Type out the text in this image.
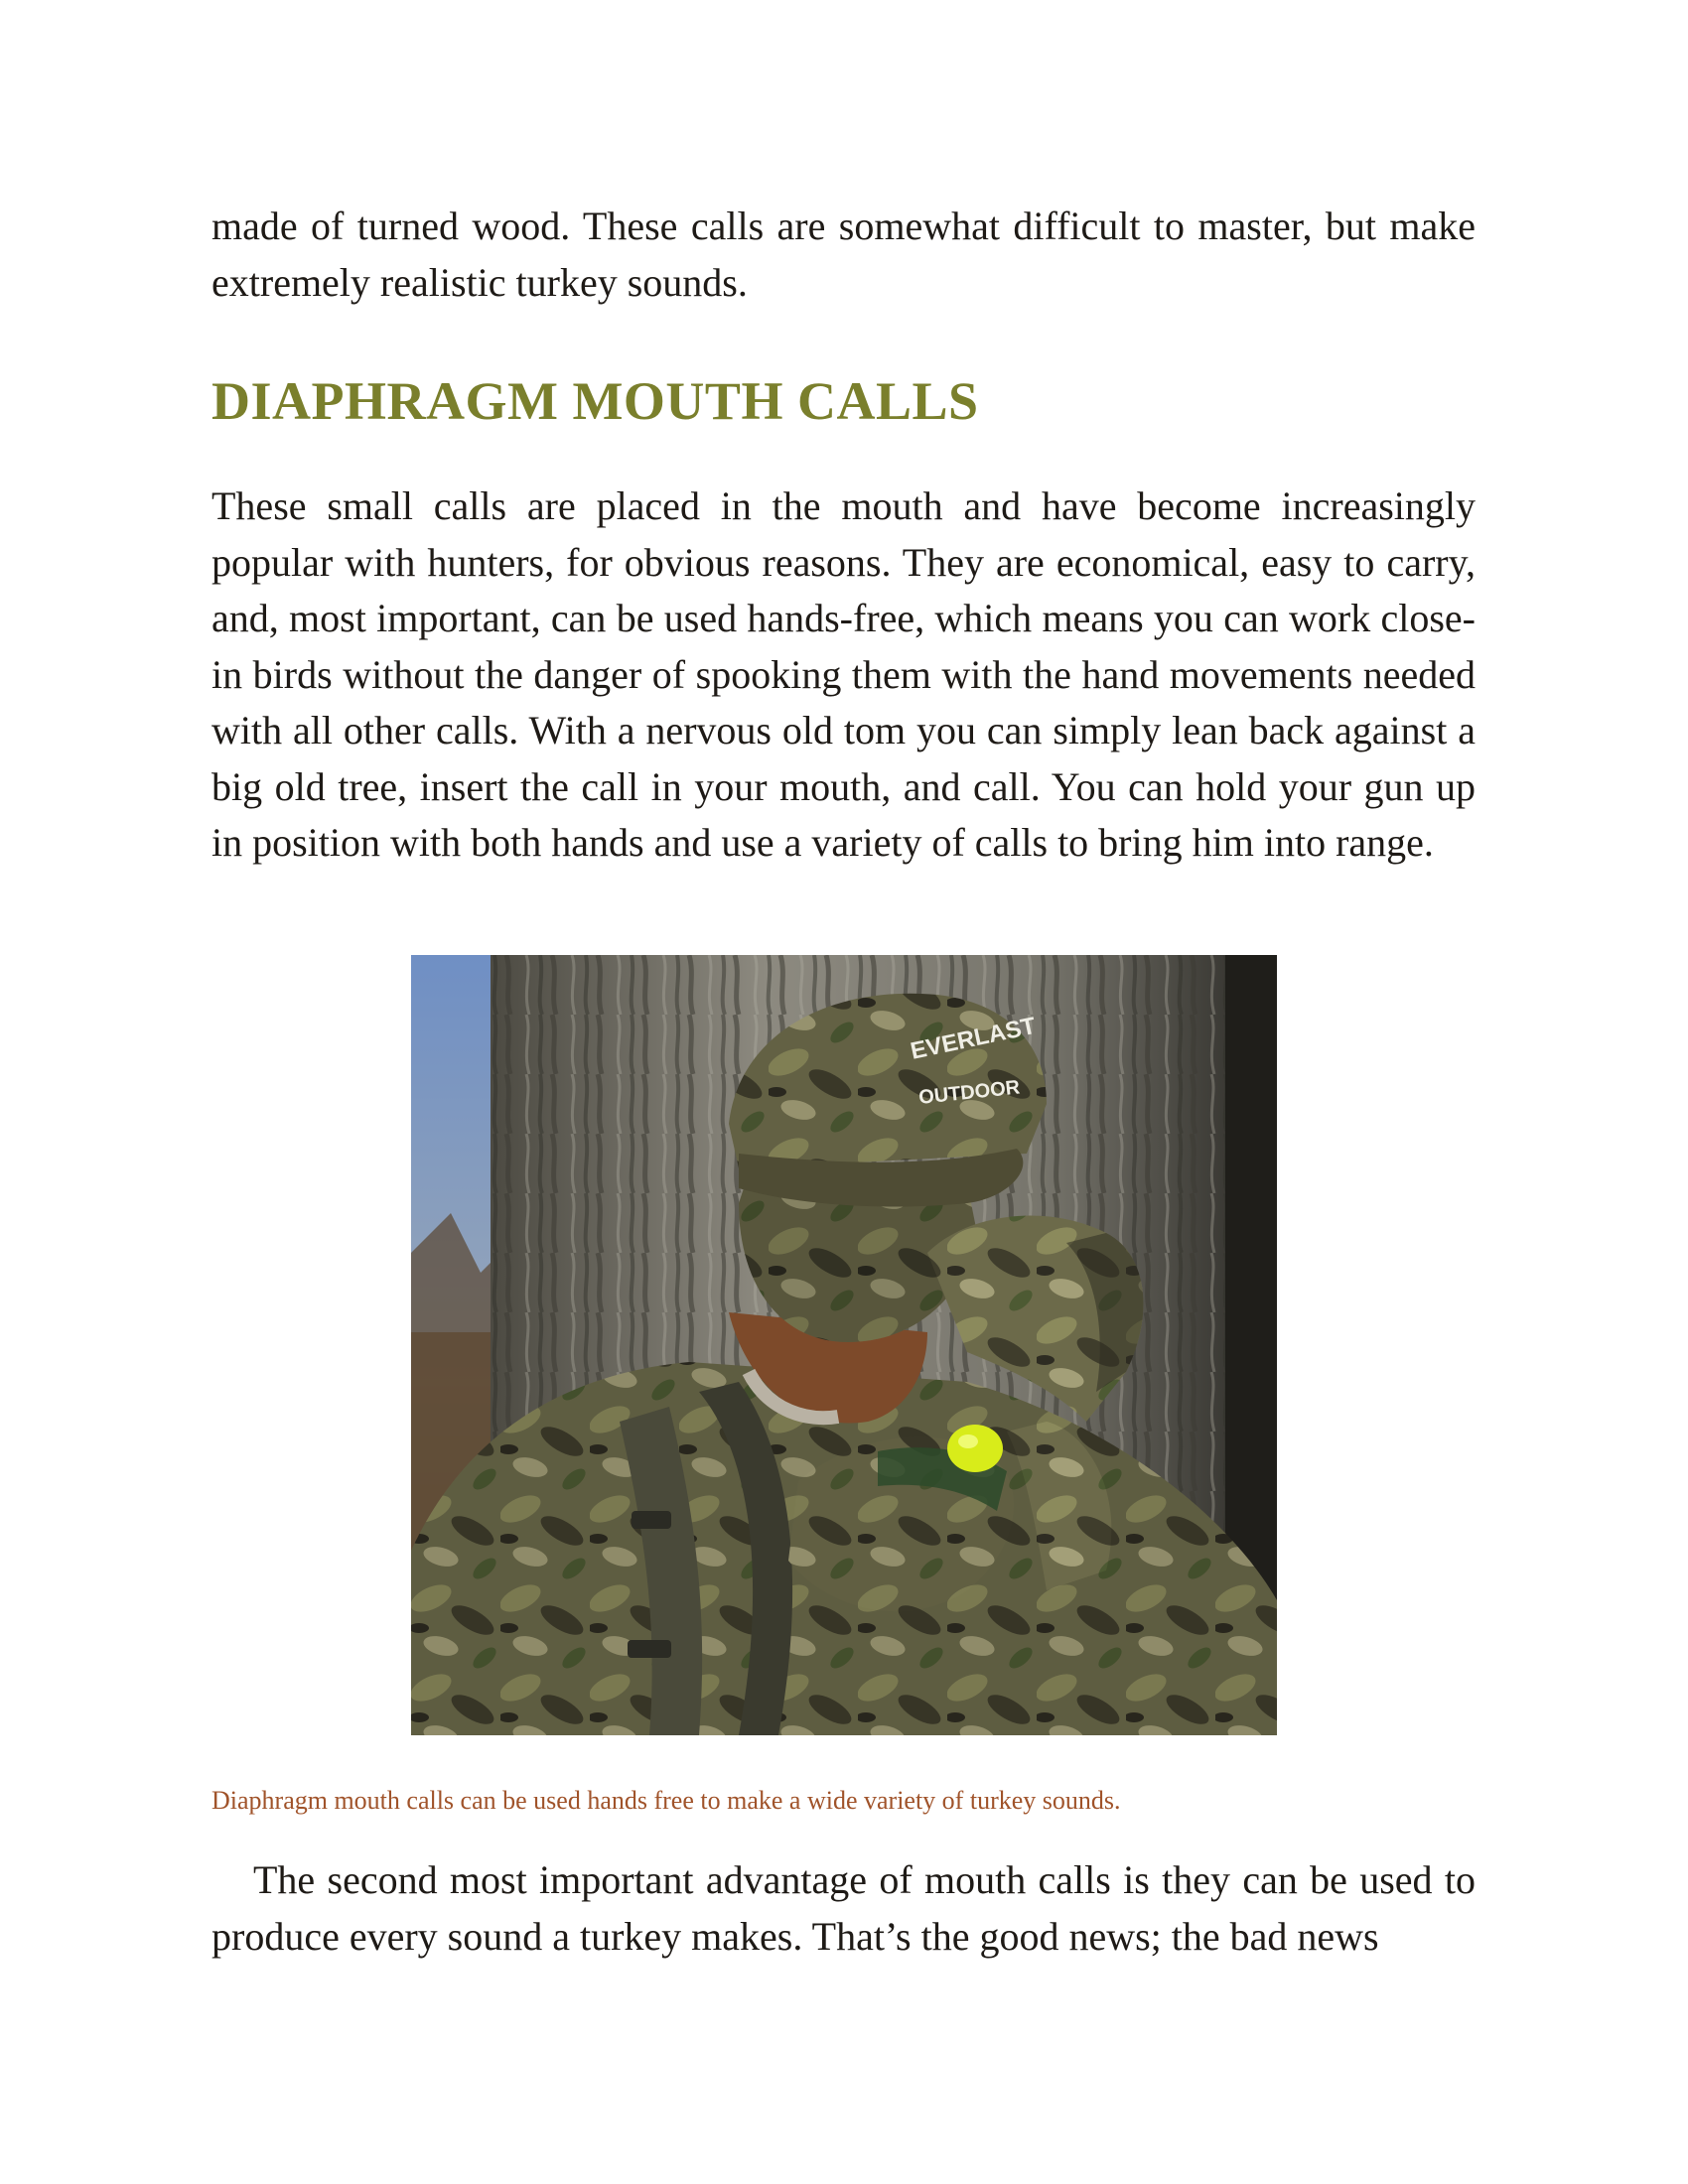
made of turned wood. These calls are somewhat difficult to master, but make extremely realistic turkey sounds.

DIAPHRAGM MOUTH CALLS

These small calls are placed in the mouth and have become increasingly popular with hunters, for obvious reasons. They are economical, easy to carry, and, most important, can be used hands-free, which means you can work close-in birds without the danger of spooking them with the hand movements needed with all other calls. With a nervous old tom you can simply lean back against a big old tree, insert the call in your mouth, and call. You can hold your gun up in position with both hands and use a variety of calls to bring him into range.

EVERLAST
OUTDOOR

Diaphragm mouth calls can be used hands free to make a wide variety of turkey sounds.

The second most important advantage of mouth calls is they can be used to produce every sound a turkey makes. That’s the good news; the bad news
